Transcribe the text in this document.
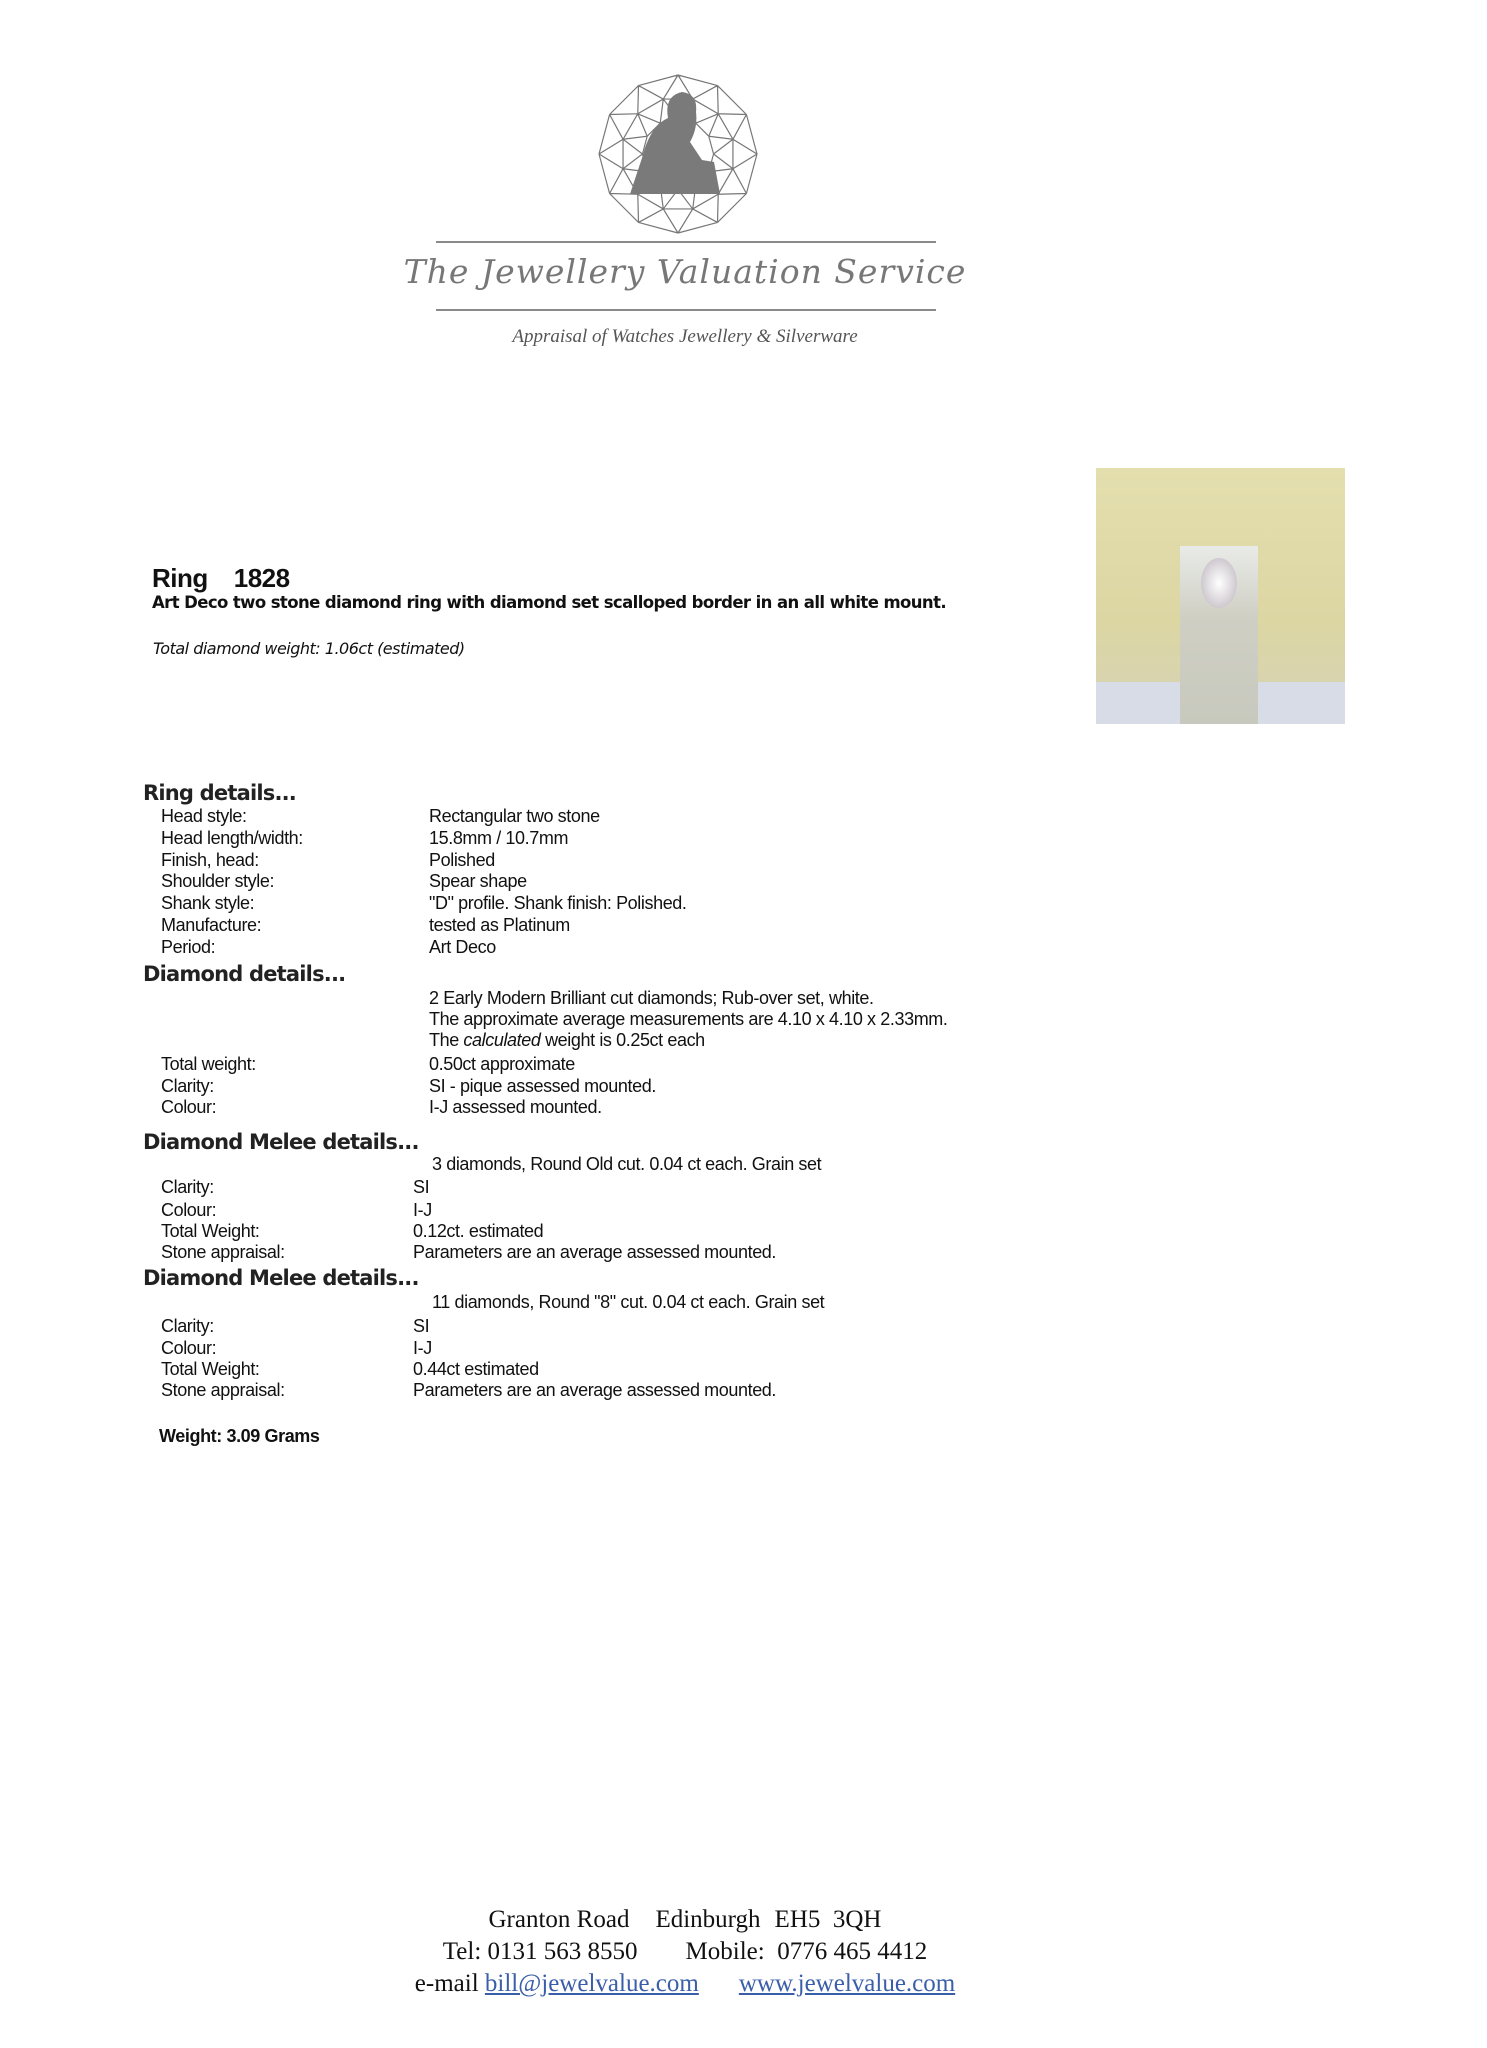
The Jewellery Valuation Service
Appraisal of Watches Jewellery & Silverware
Ring 1828
Art Deco two stone diamond ring with diamond set scalloped border in an all white mount.
Total diamond weight: 1.06ct (estimated)
Ring details...
Head style:	Rectangular two stone
Head length/width:	15.8mm / 10.7mm
Finish, head:	Polished
Shoulder style:	Spear shape
Shank style:	"D" profile. Shank finish: Polished.
Manufacture:	tested as Platinum
Period:	Art Deco
Diamond details...
2 Early Modern Brilliant cut diamonds; Rub-over set, white.
The approximate average measurements are 4.10 x 4.10 x 2.33mm.
The calculated weight is 0.25ct each
Total weight:	0.50ct approximate
Clarity:	SI - pique assessed mounted.
Colour:	I-J assessed mounted.
Diamond Melee details...
3 diamonds, Round Old cut. 0.04 ct each. Grain set
Clarity:	SI
Colour:	I-J
Total Weight:	0.12ct. estimated
Stone appraisal:	Parameters are an average assessed mounted.
Diamond Melee details...
11 diamonds, Round "8" cut. 0.04 ct each. Grain set
Clarity:	SI
Colour:	I-J
Total Weight:	0.44ct estimated
Stone appraisal:	Parameters are an average assessed mounted.
Weight: 3.09 Grams
Granton Road Edinburgh EH5  3QH
Tel: 0131 563 8550 Mobile:  0776 465 4412
e-mail bill@jewelvalue.com www.jewelvalue.com
